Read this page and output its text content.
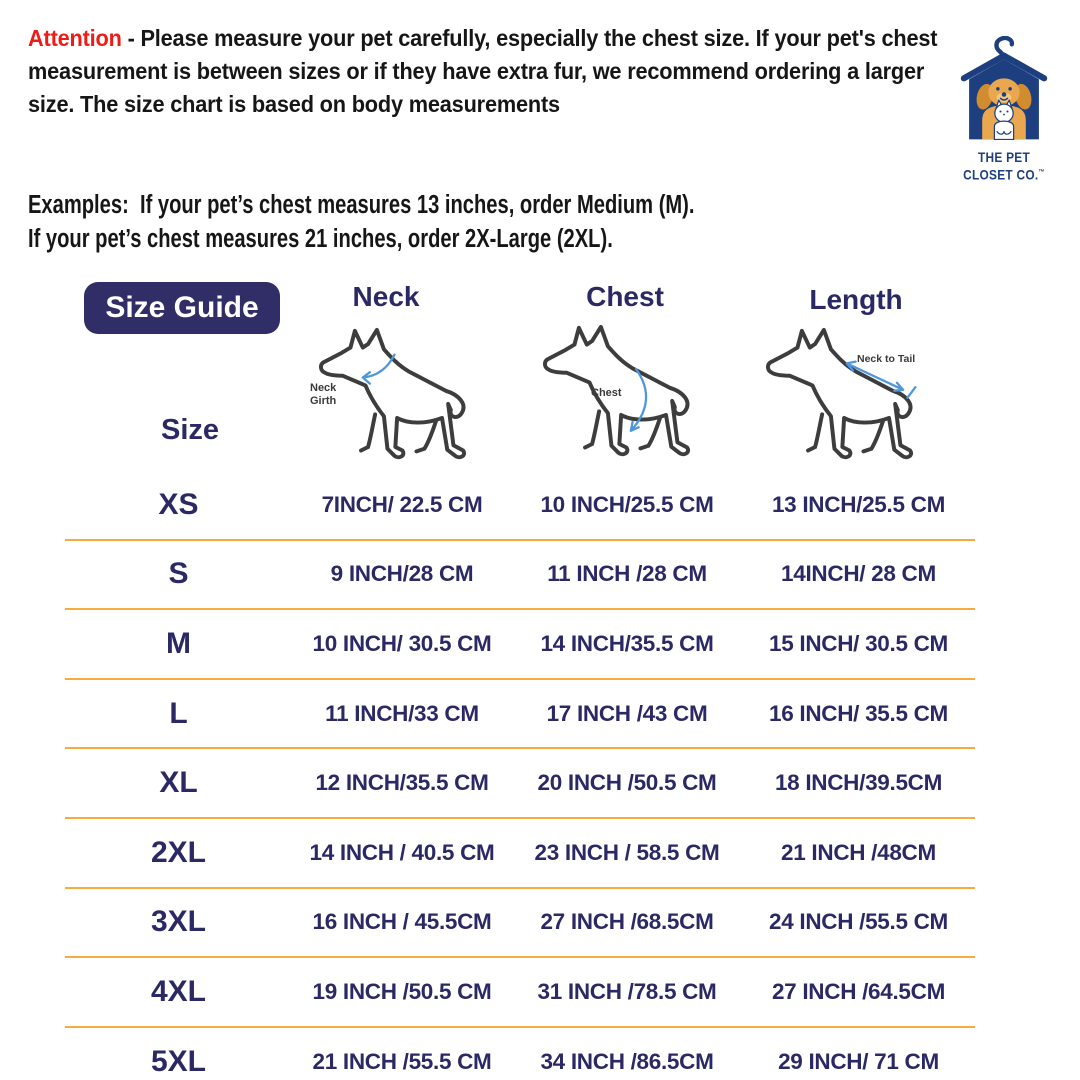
Attention - Please measure your pet carefully, especially the chest size. If your pet's chest measurement is between sizes or if they have extra fur, we recommend ordering a larger size. The size chart is based on body measurements
THE PET
CLOSET CO.™
Examples:  If your pet’s chest measures 13 inches, order Medium (M).
If your pet’s chest measures 21 inches, order 2X-Large (2XL).
Size Guide	Neck	Chest	Length
Neck Girth
Chest
Neck to Tail
Size
XS	7INCH/ 22.5 CM	10 INCH/25.5 CM	13 INCH/25.5 CM
S	9 INCH/28 CM	11 INCH /28 CM	14INCH/ 28 CM
M	10 INCH/ 30.5 CM	14 INCH/35.5 CM	15 INCH/ 30.5 CM
L	11 INCH/33 CM	17 INCH /43 CM	16 INCH/ 35.5 CM
XL	12 INCH/35.5 CM	20 INCH /50.5 CM	18 INCH/39.5CM
2XL	14 INCH / 40.5 CM	23 INCH / 58.5 CM	21 INCH /48CM
3XL	16 INCH / 45.5CM	27 INCH /68.5CM	24 INCH /55.5 CM
4XL	19 INCH /50.5 CM	31 INCH /78.5 CM	27 INCH /64.5CM
5XL	21 INCH /55.5 CM	34 INCH /86.5CM	29 INCH/ 71 CM
